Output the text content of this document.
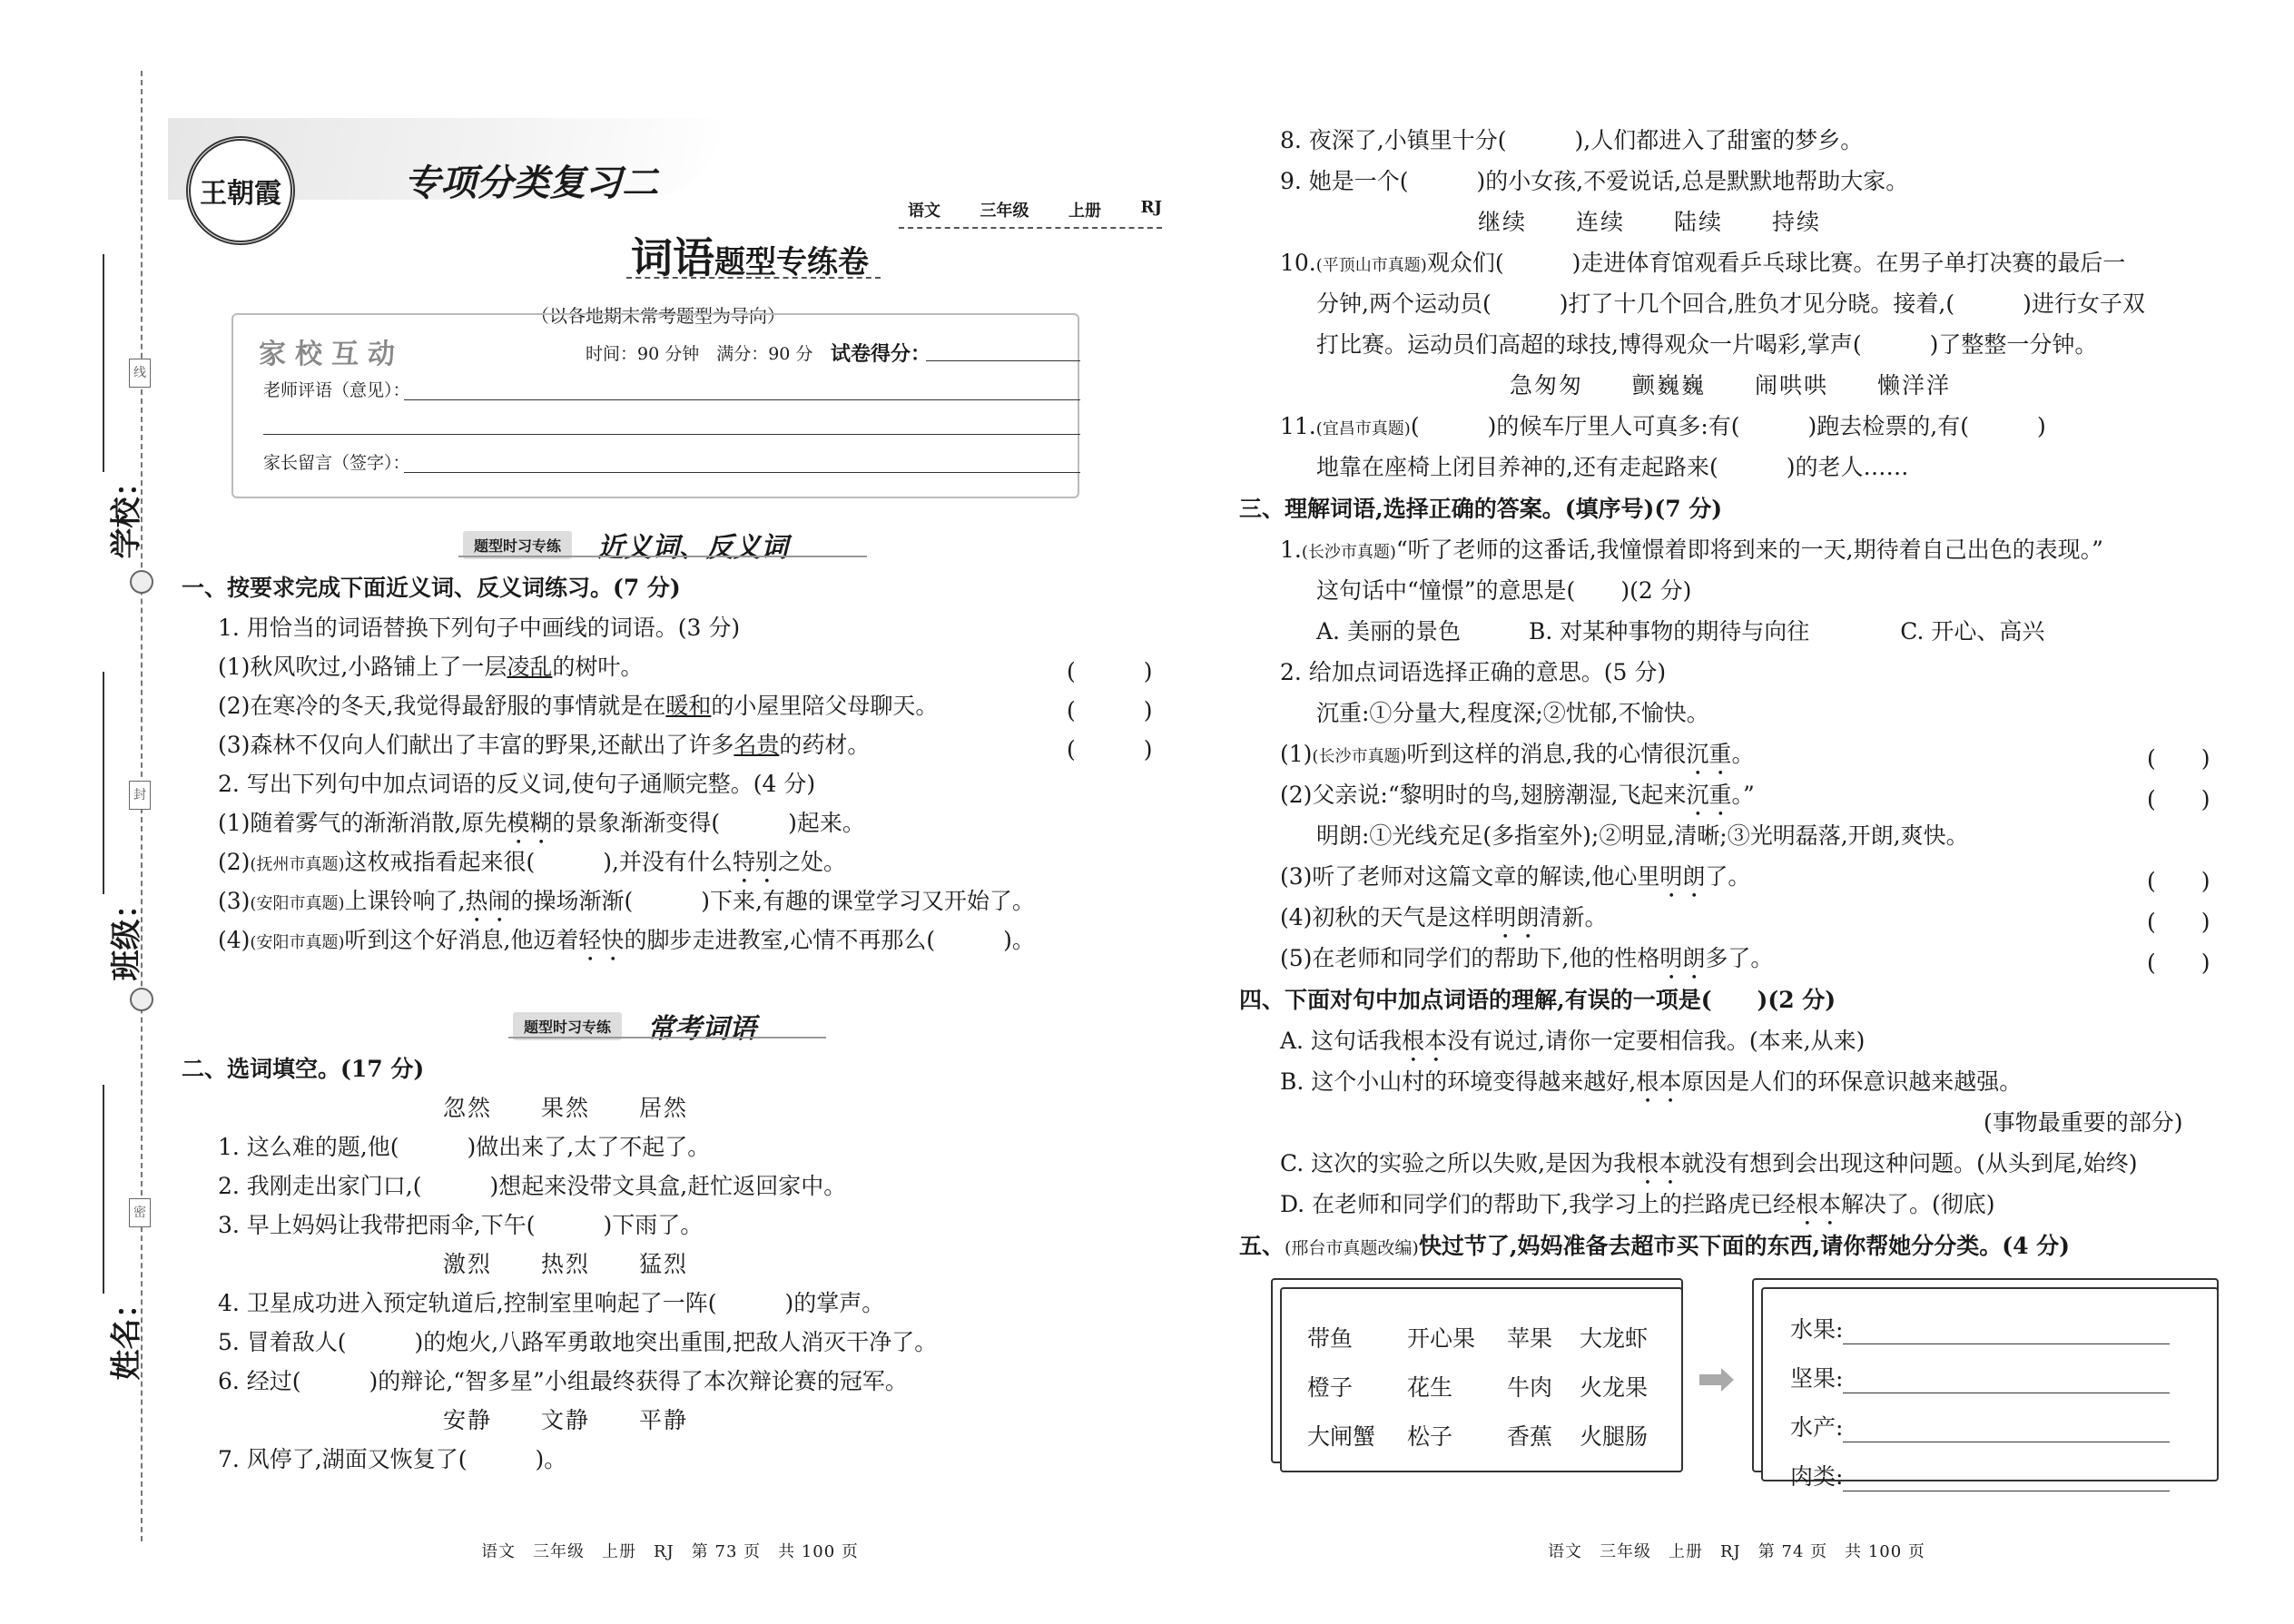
线
封
密
学校：
班级：
姓名：
王朝霞	专项分类复习二
语文 三年级 上册 RJ
词语题型专练卷
（以各地期末常考题型为导向）
家校互动	时间：90 分钟　满分：90 分 试卷得分：
老师评语（意见）：
家长留言（签字）：
题型时习专练	近义词、反义词
一、按要求完成下面近义词、反义词练习。(7 分)
1. 用恰当的词语替换下列句子中画线的词语。(3 分)
(1)秋风吹过,小路铺上了一层凌乱的树叶。	(　　　)
(2)在寒冷的冬天,我觉得最舒服的事情就是在暖和的小屋里陪父母聊天。	(　　　)
(3)森林不仅向人们献出了丰富的野果,还献出了许多名贵的药材。	(　　　)
2. 写出下列句中加点词语的反义词,使句子通顺完整。(4 分)
(1)随着雾气的渐渐消散,原先模糊的景象渐渐变得(　　　)起来。
(2)(抚州市真题)这枚戒指看起来很(　　　),并没有什么特别之处。
(3)(安阳市真题)上课铃响了,热闹的操场渐渐(　　　)下来,有趣的课堂学习又开始了。
(4)(安阳市真题)听到这个好消息,他迈着轻快的脚步走进教室,心情不再那么(　　　)。
题型时习专练	常考词语
二、选词填空。(17 分)
忽然　　果然　　居然
1. 这么难的题,他(　　　)做出来了,太了不起了。
2. 我刚走出家门口,(　　　)想起来没带文具盒,赶忙返回家中。
3. 早上妈妈让我带把雨伞,下午(　　　)下雨了。
激烈　　热烈　　猛烈
4. 卫星成功进入预定轨道后,控制室里响起了一阵(　　　)的掌声。
5. 冒着敌人(　　　)的炮火,八路军勇敢地突出重围,把敌人消灭干净了。
6. 经过(　　　)的辩论,“智多星”小组最终获得了本次辩论赛的冠军。
安静　　文静　　平静
7. 风停了,湖面又恢复了(　　　)。
语文　三年级　上册　RJ　第 73 页　共 100 页
8. 夜深了,小镇里十分(　　　),人们都进入了甜蜜的梦乡。
9. 她是一个(　　　)的小女孩,不爱说话,总是默默地帮助大家。
继续　　连续　　陆续　　持续
10.(平顶山市真题)观众们(　　　)走进体育馆观看乒乓球比赛。在男子单打决赛的最后一
分钟,两个运动员(　　　)打了十几个回合,胜负才见分晓。接着,(　　　)进行女子双
打比赛。运动员们高超的球技,博得观众一片喝彩,掌声(　　　)了整整一分钟。
急匆匆　　颤巍巍　　闹哄哄　　懒洋洋
11.(宜昌市真题)(　　　)的候车厅里人可真多:有(　　　)跑去检票的,有(　　　)
地靠在座椅上闭目养神的,还有走起路来(　　　)的老人……
三、理解词语,选择正确的答案。(填序号)(7 分)
1.(长沙市真题)“听了老师的这番话,我憧憬着即将到来的一天,期待着自己出色的表现。”
这句话中“憧憬”的意思是(　　)(2 分)
A. 美丽的景色　　　B. 对某种事物的期待与向往　　　　C. 开心、高兴
2. 给加点词语选择正确的意思。(5 分)
沉重:①分量大,程度深;②忧郁,不愉快。
(1)(长沙市真题)听到这样的消息,我的心情很沉重。	(　　)
(2)父亲说:“黎明时的鸟,翅膀潮湿,飞起来沉重。”	(　　)
明朗:①光线充足(多指室外);②明显,清晰;③光明磊落,开朗,爽快。
(3)听了老师对这篇文章的解读,他心里明朗了。	(　　)
(4)初秋的天气是这样明朗清新。	(　　)
(5)在老师和同学们的帮助下,他的性格明朗多了。	(　　)
四、下面对句中加点词语的理解,有误的一项是(　　)(2 分)
A. 这句话我根本没有说过,请你一定要相信我。(本来,从来)
B. 这个小山村的环境变得越来越好,根本原因是人们的环保意识越来越强。
(事物最重要的部分)
C. 这次的实验之所以失败,是因为我根本就没有想到会出现这种问题。(从头到尾,始终)
D. 在老师和同学们的帮助下,我学习上的拦路虎已经根本解决了。(彻底)
五、(邢台市真题改编)快过节了,妈妈准备去超市买下面的东西,请你帮她分分类。(4 分)
带鱼	开心果	苹果	大龙虾
橙子	花生	牛肉	火龙果
大闸蟹	松子	香蕉	火腿肠
水果:
坚果:
水产:
肉类:
语文　三年级　上册　RJ　第 74 页　共 100 页
